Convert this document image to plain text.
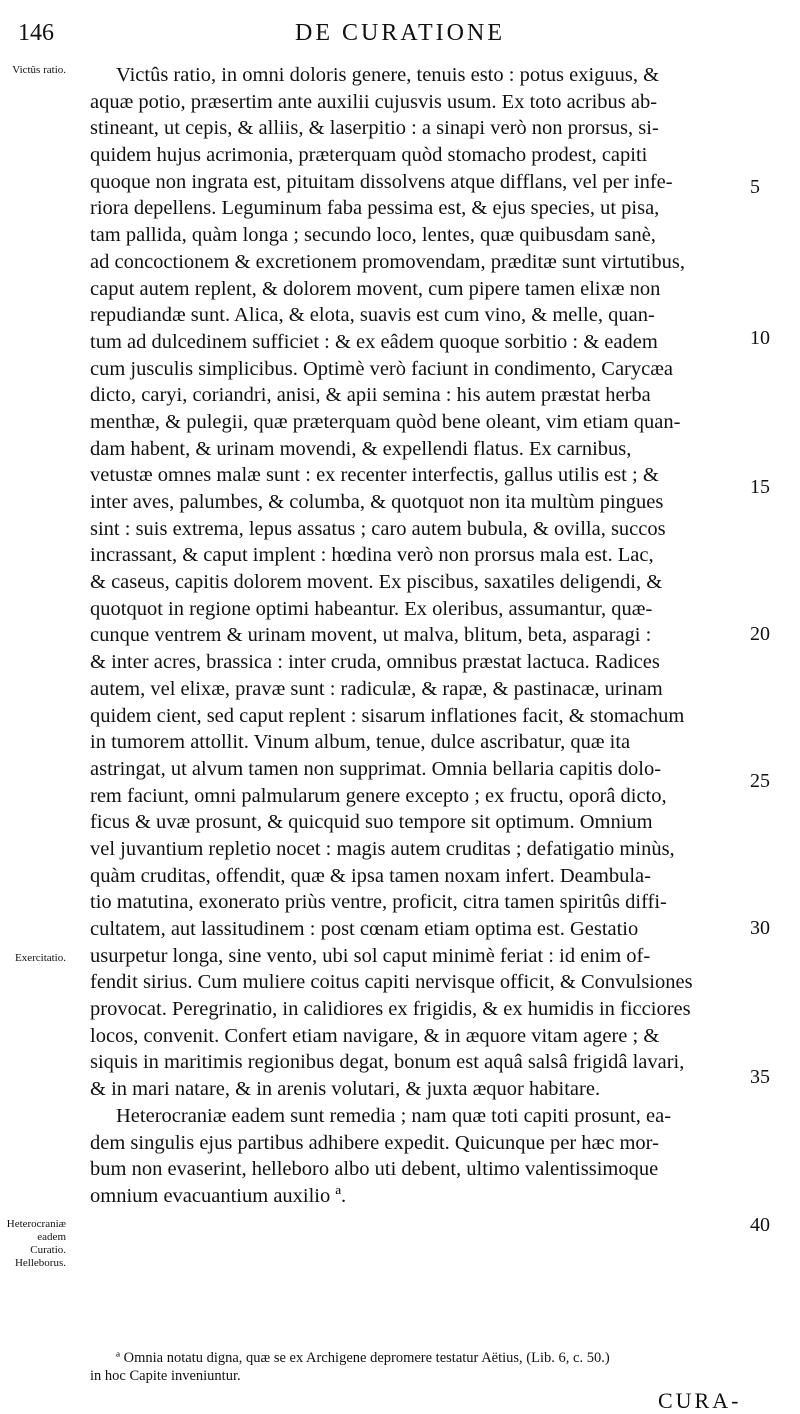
146	DE CURATIONE
Victûs ratio.
Exercitatio.
Heterocraniæ eadem Curatio. Helleborus.
5
10
15
20
25
30
35
40
Victûs ratio, in omni doloris genere, tenuis esto : potus exiguus, &
aquæ potio, præsertim ante auxilii cujusvis usum. Ex toto acribus ab-
stineant, ut cepis, & alliis, & laserpitio : a sinapi verò non prorsus, si-
quidem hujus acrimonia, præterquam quòd stomacho prodest, capiti
quoque non ingrata est, pituitam dissolvens atque difflans, vel per infe-
riora depellens. Leguminum faba pessima est, & ejus species, ut pisa,
tam pallida, quàm longa ; secundo loco, lentes, quæ quibusdam sanè,
ad concoctionem & excretionem promovendam, præditæ sunt virtutibus,
caput autem replent, & dolorem movent, cum pipere tamen elixæ non
repudiandæ sunt. Alica, & elota, suavis est cum vino, & melle, quan-
tum ad dulcedinem sufficiet : & ex eâdem quoque sorbitio : & eadem
cum jusculis simplicibus. Optimè verò faciunt in condimento, Carycæa
dicto, caryi, coriandri, anisi, & apii semina : his autem præstat herba
menthæ, & pulegii, quæ præterquam quòd bene oleant, vim etiam quan-
dam habent, & urinam movendi, & expellendi flatus. Ex carnibus,
vetustæ omnes malæ sunt : ex recenter interfectis, gallus utilis est ; &
inter aves, palumbes, & columba, & quotquot non ita multùm pingues
sint : suis extrema, lepus assatus ; caro autem bubula, & ovilla, succos
incrassant, & caput implent : hœdina verò non prorsus mala est. Lac,
& caseus, capitis dolorem movent. Ex piscibus, saxatiles deligendi, &
quotquot in regione optimi habeantur. Ex oleribus, assumantur, quæ-
cunque ventrem & urinam movent, ut malva, blitum, beta, asparagi :
& inter acres, brassica : inter cruda, omnibus præstat lactuca. Radices
autem, vel elixæ, pravæ sunt : radiculæ, & rapæ, & pastinacæ, urinam
quidem cient, sed caput replent : sisarum inflationes facit, & stomachum
in tumorem attollit. Vinum album, tenue, dulce ascribatur, quæ ita
astringat, ut alvum tamen non supprimat. Omnia bellaria capitis dolo-
rem faciunt, omni palmularum genere excepto ; ex fructu, oporâ dicto,
ficus & uvæ prosunt, & quicquid suo tempore sit optimum. Omnium
vel juvantium repletio nocet : magis autem cruditas ; defatigatio minùs,
quàm cruditas, offendit, quæ & ipsa tamen noxam infert. Deambula-
tio matutina, exonerato priùs ventre, proficit, citra tamen spiritûs diffi-
cultatem, aut lassitudinem : post cœnam etiam optima est. Gestatio
usurpetur longa, sine vento, ubi sol caput minimè feriat : id enim of-
fendit sirius. Cum muliere coitus capiti nervisque officit, & Convulsiones
provocat. Peregrinatio, in calidiores ex frigidis, & ex humidis in ficciores
locos, convenit. Confert etiam navigare, & in æquore vitam agere ; &
siquis in maritimis regionibus degat, bonum est aquâ salsâ frigidâ lavari,
& in mari natare, & in arenis volutari, & juxta æquor habitare.
Heterocraniæ eadem sunt remedia ; nam quæ toti capiti prosunt, ea-
dem singulis ejus partibus adhibere expedit. Quicunque per hæc mor-
bum non evaserint, helleboro albo uti debent, ultimo valentissimoque
omnium evacuantium auxilio ª.
ª Omnia notatu digna, quæ se ex Archigene depromere testatur Aëtius, (Lib. 6, c. 50.)
in hoc Capite inveniuntur.
CURA-
